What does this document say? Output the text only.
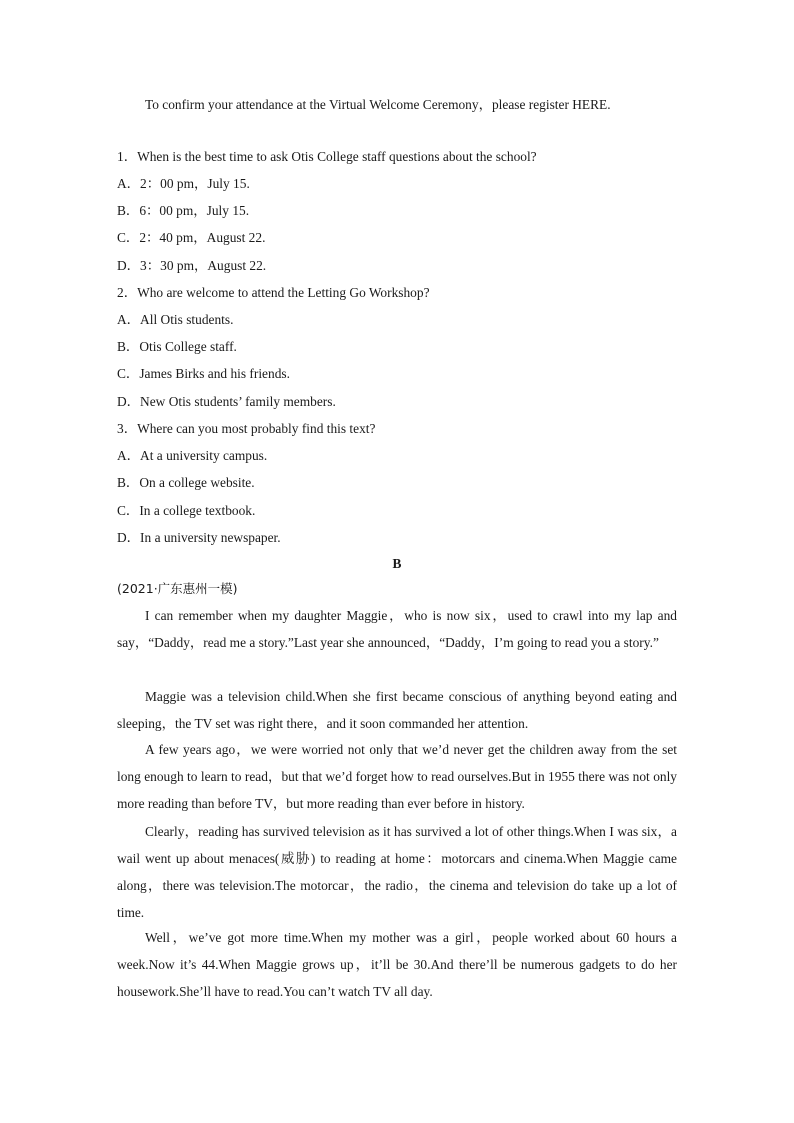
To confirm your attendance at the Virtual Welcome Ceremony，please register HERE.
1．When is the best time to ask Otis College staff questions about the school?
A．2：00 pm，July 15.
B．6：00 pm，July 15.
C．2：40 pm，August 22.
D．3：30 pm，August 22.
2．Who are welcome to attend the Letting Go Workshop?
A．All Otis students.
B．Otis College staff.
C．James Birks and his friends.
D．New Otis students’ family members.
3．Where can you most probably find this text?
A．At a university campus.
B．On a college website.
C．In a college textbook.
D．In a university newspaper.
B
(2021·广东惠州一模)

I can remember when my daughter Maggie，who is now six，used to crawl into my lap and say，“Daddy，read me a story.”Last year she announced，“Daddy，I’m going to read you a story.”

Maggie was a television child.When she first became conscious of anything beyond eating and sleeping，the TV set was right there，and it soon commanded her attention.

A few years ago，we were worried not only that we’d never get the children away from the set long enough to learn to read，but that we’d forget how to read ourselves.But in 1955 there was not only more reading than before TV，but more reading than ever before in history.

Clearly，reading has survived television as it has survived a lot of other things.When I was six，a wail went up about menaces(威胁) to reading at home：motorcars and cinema.When Maggie came along，there was television.The motorcar，the radio，the cinema and television do take up a lot of time.

Well，we’ve got more time.When my mother was a girl，people worked about 60 hours a week.Now it’s 44.When Maggie grows up，it’ll be 30.And there’ll be numerous gadgets to do her housework.She’ll have to read.You can’t watch TV all day.
